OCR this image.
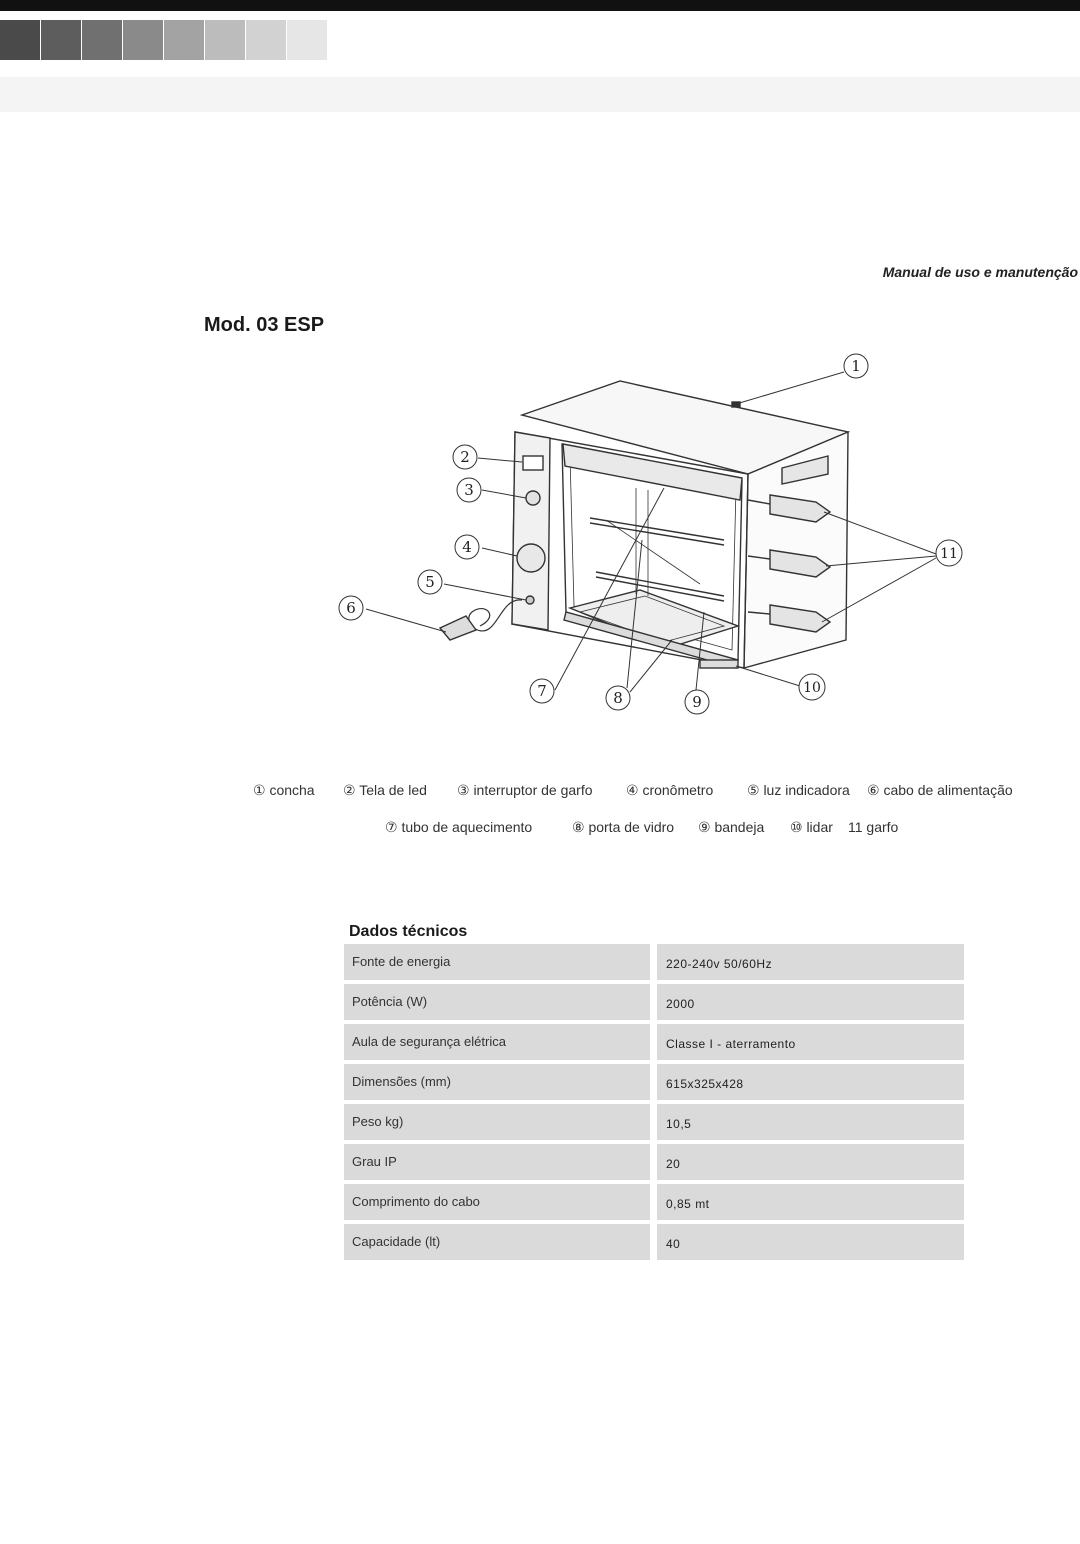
Manual de uso e manutenção
Mod. 03 ESP
1
2
3
4
5
6
7	8	9
10
11
① concha ② Tela de led ③ interruptor de garfo ④ cronômetro ⑤ luz indicadora ⑥ cabo de alimentação
⑦ tubo de aquecimento	⑧ porta de vidro ⑨ bandeja ⑩ lidar 11 garfo
Dados técnicos
Fonte de energia	220-240v 50/60Hz
Potência (W)	2000
Aula de segurança elétrica	Classe I - aterramento
Dimensões (mm)	615x325x428
Peso kg)	10,5
Grau IP	20
Comprimento do cabo	0,85 mt
Capacidade (lt)	40
